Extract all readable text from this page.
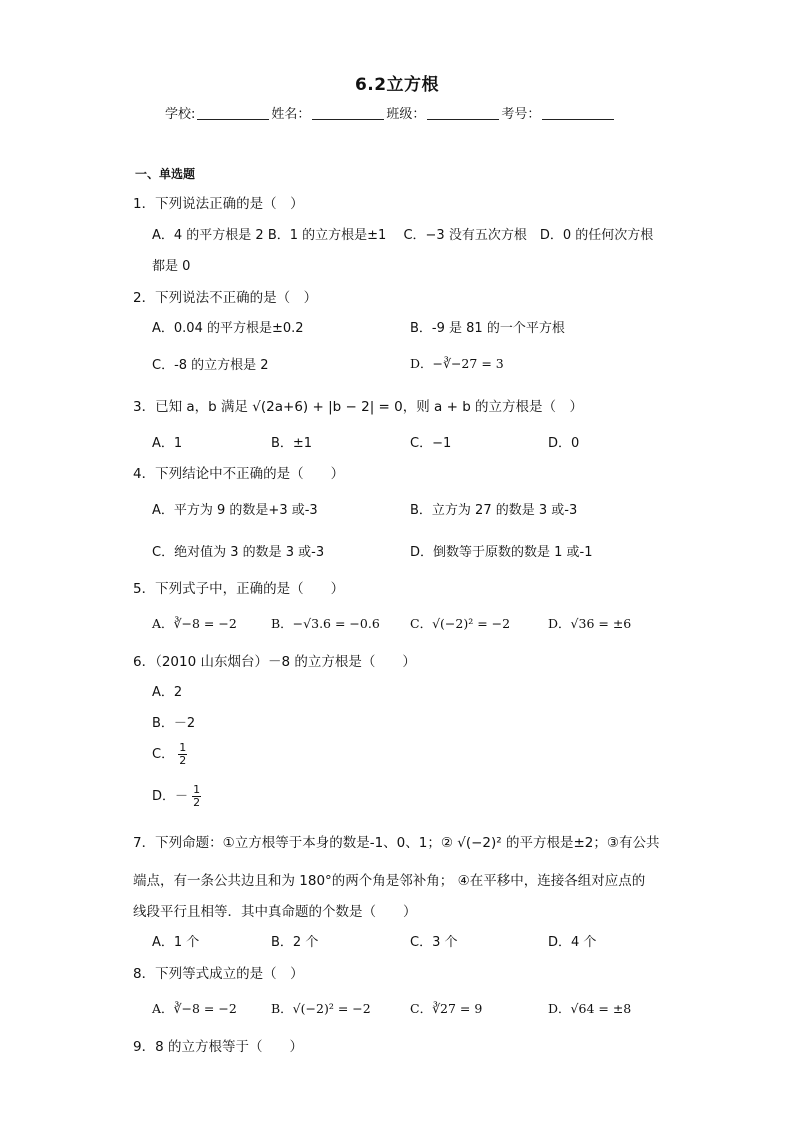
6.2立方根
学校:	姓名：	班级：	考号：
一、单选题
1．下列说法正确的是（　）
A．4 的平方根是 2 B．1 的立方根是±1　 C．−3 没有五次方根　D．0 的任何次方根
都是 0
2．下列说法不正确的是（　）
A．0.04 的平方根是±0.2	B．-9 是 81 的一个平方根
C．-8 的立方根是 2	D．−∛−27 = 3
3．已知 a，b 满足 √(2a+6) + |b − 2| = 0，则 a + b 的立方根是（　）
A．1	B．±1	C．−1	D．0
4．下列结论中不正确的是（　　）
A．平方为 9 的数是+3 或-3	B．立方为 27 的数是 3 或-3
C．绝对值为 3 的数是 3 或-3	D．倒数等于原数的数是 1 或-1
5．下列式子中，正确的是（　　）
A．∛−8 = −2	B．−√3.6 = −0.6 C．√(−2)² = −2	D．√36 = ±6
6．（2010 山东烟台）－8 的立方根是（　　）
A．2
B．－2
C． $\frac{1}{2}$
D．－ $\frac{1}{2}$
7．下列命题：①立方根等于本身的数是-1、0、1；② √(−2)² 的平方根是±2；③有公共
端点，有一条公共边且和为 180°的两个角是邻补角； ④在平移中，连接各组对应点的
线段平行且相等．其中真命题的个数是（　　）
A．1 个	B．2 个	C．3 个	D．4 个
8．下列等式成立的是（　）
A．∛−8 = −2	B．√(−2)² = −2	C．∛27 = 9	D．√64 = ±8
9．8 的立方根等于（　　）
